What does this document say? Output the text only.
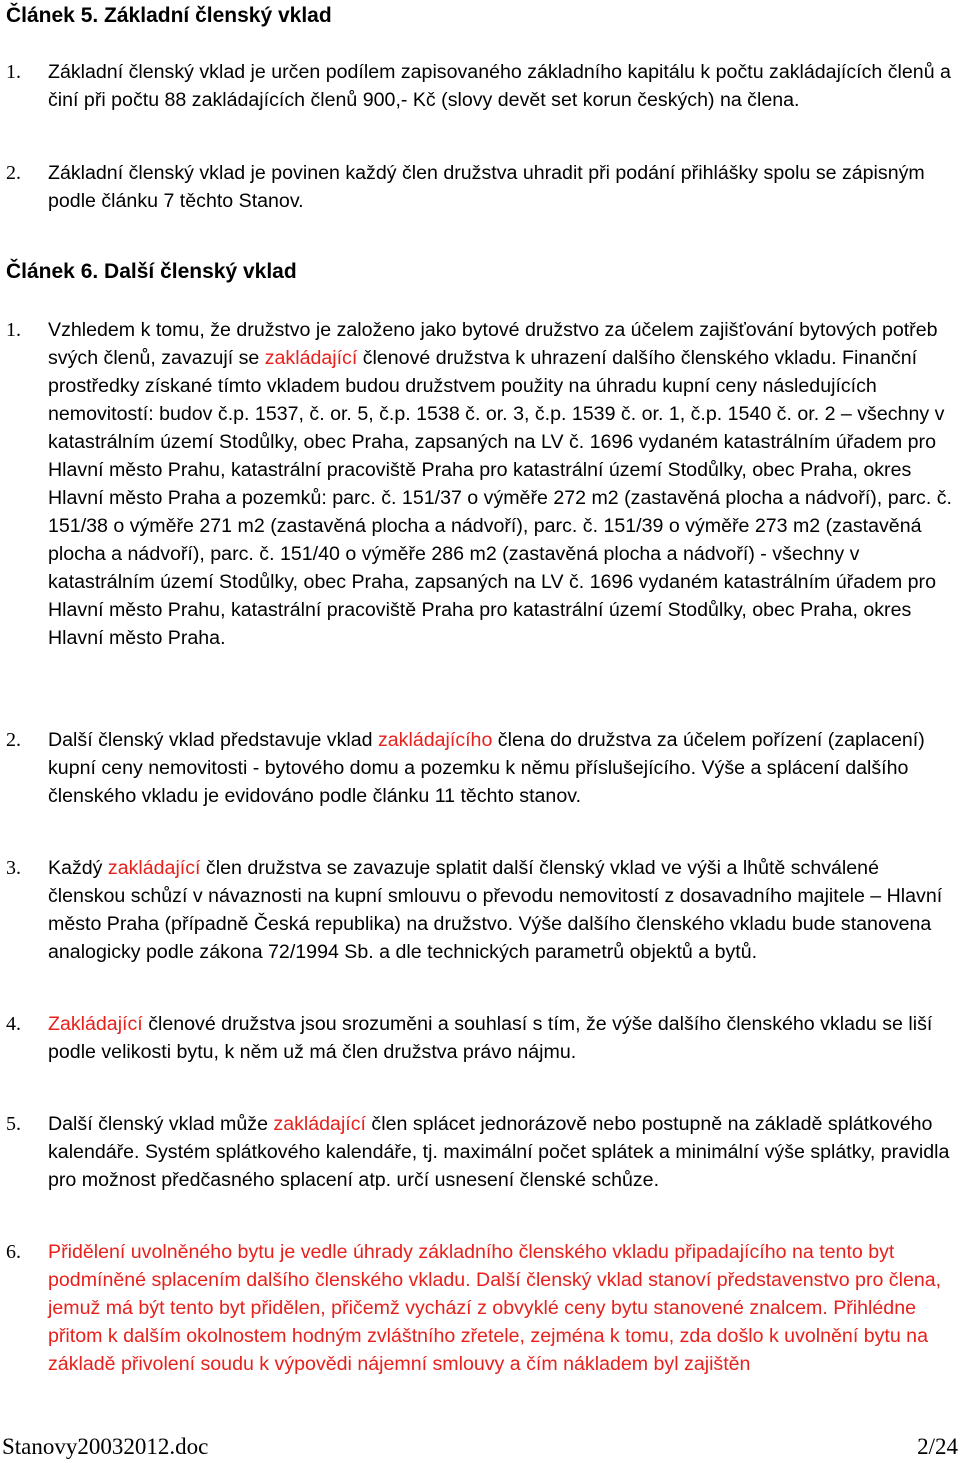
Článek 5. Základní členský vklad
1.	Základní členský vklad je určen podílem zapisovaného základního kapitálu k počtu zakládajících členů a činí při počtu 88 zakládajících členů 900,- Kč (slovy devět set korun českých) na člena.
2.	Základní členský vklad je povinen každý člen družstva uhradit při podání přihlášky spolu se zápisným podle článku 7 těchto Stanov.
Článek 6. Další členský vklad
1.	Vzhledem k tomu, že družstvo je založeno jako bytové družstvo za účelem zajišťování bytových potřeb svých členů, zavazují se zakládající členové družstva k uhrazení dalšího členského vkladu. Finanční prostředky získané tímto vkladem budou družstvem použity na úhradu kupní ceny následujících nemovitostí: budov č.p. 1537, č. or. 5, č.p. 1538 č. or. 3, č.p. 1539 č. or. 1, č.p. 1540 č. or. 2 – všechny v katastrálním území Stodůlky, obec Praha, zapsaných na LV č. 1696 vydaném katastrálním úřadem pro Hlavní město Prahu, katastrální pracoviště Praha pro katastrální území Stodůlky, obec Praha, okres Hlavní město Praha a pozemků: parc. č. 151/37 o výměře 272 m2 (zastavěná plocha a nádvoří), parc. č. 151/38 o výměře 271 m2 (zastavěná plocha a nádvoří), parc. č. 151/39 o výměře 273 m2 (zastavěná plocha a nádvoří), parc. č. 151/40 o výměře 286 m2 (zastavěná plocha a nádvoří) - všechny v katastrálním území Stodůlky, obec Praha, zapsaných na LV č. 1696 vydaném katastrálním úřadem pro Hlavní město Prahu, katastrální pracoviště Praha pro katastrální území Stodůlky, obec Praha, okres Hlavní město Praha.
2.	Další členský vklad představuje vklad zakládajícího člena do družstva za účelem pořízení (zaplacení) kupní ceny nemovitosti - bytového domu a pozemku k němu příslušejícího. Výše a splácení dalšího členského vkladu je evidováno podle článku 11 těchto stanov.
3.	Každý zakládající člen družstva se zavazuje splatit další členský vklad ve výši a lhůtě schválené členskou schůzí v návaznosti na kupní smlouvu o převodu nemovitostí z dosavadního majitele – Hlavní město Praha (případně Česká republika) na družstvo. Výše dalšího členského vkladu bude stanovena analogicky podle zákona 72/1994 Sb. a dle technických parametrů objektů a bytů.
4.	Zakládající členové družstva jsou srozuměni a souhlasí s tím, že výše dalšího členského vkladu se liší podle velikosti bytu, k něm už má člen družstva právo nájmu.
5.	Další členský vklad může zakládající člen splácet jednorázově nebo postupně na základě splátkového kalendáře. Systém splátkového kalendáře, tj. maximální počet splátek a minimální výše splátky, pravidla pro možnost předčasného splacení atp. určí usnesení členské schůze.
6.	Přidělení uvolněného bytu je vedle úhrady základního členského vkladu připadajícího na tento byt podmíněné splacením dalšího členského vkladu. Další členský vklad stanoví představenstvo pro člena, jemuž má být tento byt přidělen, přičemž vychází z obvyklé ceny bytu stanovené znalcem. Přihlédne přitom k dalším okolnostem hodným zvláštního zřetele, zejména k tomu, zda došlo k uvolnění bytu na základě přivolení soudu k výpovědi nájemní smlouvy a čím nákladem byl zajištěn
Stanovy20032012.doc	2/24
